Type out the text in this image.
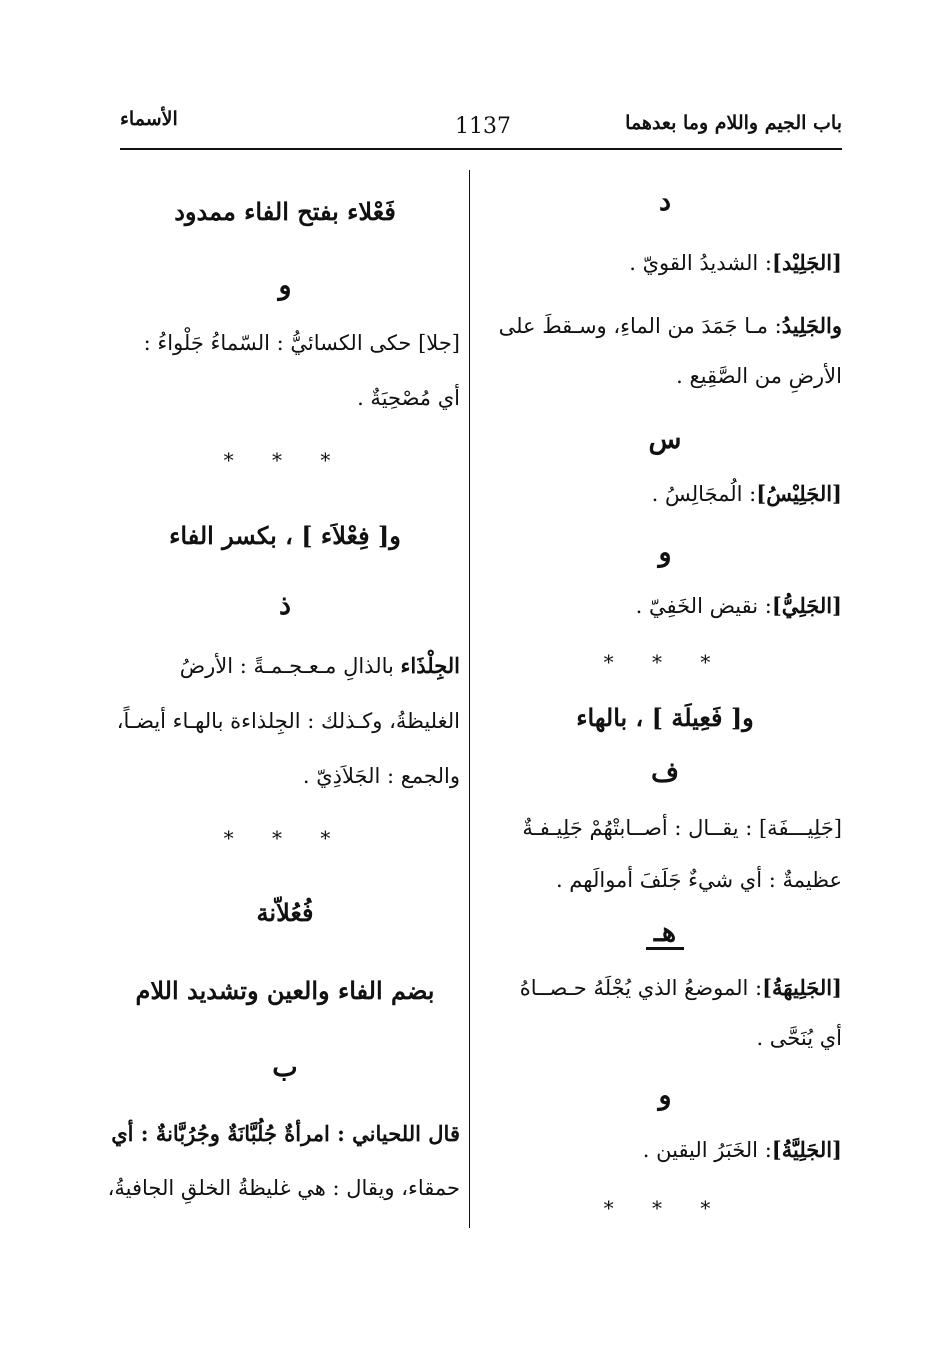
باب الجيم واللام وما بعدهما
1137
الأسماء
د
[الجَلِيْد]: الشديدُ القويّ .
والجَلِيدُ: مـا جَمَدَ من الماءِ، وسـقطَ على
الأرضِ من الصَّقِيع .
س
[الجَلِيْسُ]: الُمجَالِسُ .
و
[الجَلِيُّ]: نقيض الخَفِيّ .
* * *
و[ فَعِيلَة ] ، بالهاء
ف
[جَلِيـــفَة] : يقــال : أصــابتْهُمْ جَلِيـفـةٌ
عظيمةٌ : أي شيءٌ جَلَفَ أموالَهم .
هـ
[الجَلِيهَةُ]: الموضعُ الذي يُجْلَهُ حـصــاهُ
أي يُنَحَّى .
و
[الجَلِيَّةُ]: الخَبَرُ اليقين .
* * *
فَعْلاء بفتح الفاء ممدود
و
[جلا] حكى الكسائيُّ : السّماءُ جَلْواءُ :
أي مُصْحِيَةٌ .
* * *
و[ فِعْلاَء ] ، بكسر الفاء
ذ
الجِلْذَاء بالذالِ مـعـجـمـةً : الأرضُ
الغليظةُ، وكـذلك : الجِلذاءة بالهـاء أيضـاً،
والجمع : الجَلاَذِيّ .
* * *
فُعُلاّنة
بضم الفاء والعين وتشديد اللام
ب
قال اللحياني : امرأةٌ جُلُبَّانَةٌ وجُرُبَّانةٌ : أي
حمقاء، ويقال : هي غليظةُ الخلقِ الجافيةُ،
